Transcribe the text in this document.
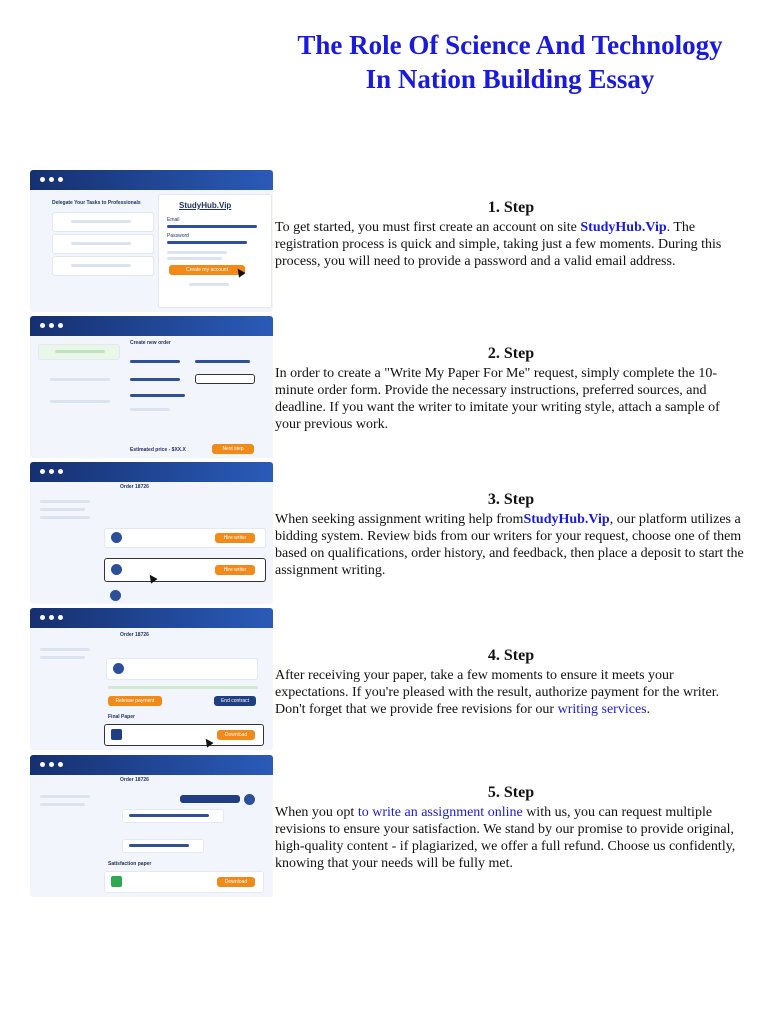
The Role Of Science And Technology In Nation Building Essay
Delegate Your Tasks to Professionals	StudyHub.Vip
Email
Password
Create my account
1. Step

To get started, you must first create an account on site StudyHub.Vip. The registration process is quick and simple, taking just a few moments. During this process, you will need to provide a password and a valid email address.

Create new order
Estimated price - $XX.X	Next step
2. Step

In order to create a "Write My Paper For Me" request, simply complete the 10-minute order form. Provide the necessary instructions, preferred sources, and deadline. If you want the writer to imitate your writing style, attach a sample of your previous work.

Order 18726
Hire writer
Hire writer
3. Step

When seeking assignment writing help fromStudyHub.Vip, our platform utilizes a bidding system. Review bids from our writers for your request, choose one of them based on qualifications, order history, and feedback, then place a deposit to start the assignment writing.

Order 18726
Release payment	End contract
Final Paper
Download
4. Step

After receiving your paper, take a few moments to ensure it meets your expectations. If you're pleased with the result, authorize payment for the writer. Don't forget that we provide free revisions for our writing services.

Order 18726
Satisfaction paper
Download
5. Step

When you opt to write an assignment online with us, you can request multiple revisions to ensure your satisfaction. We stand by our promise to provide original, high-quality content - if plagiarized, we offer a full refund. Choose us confidently, knowing that your needs will be fully met.
